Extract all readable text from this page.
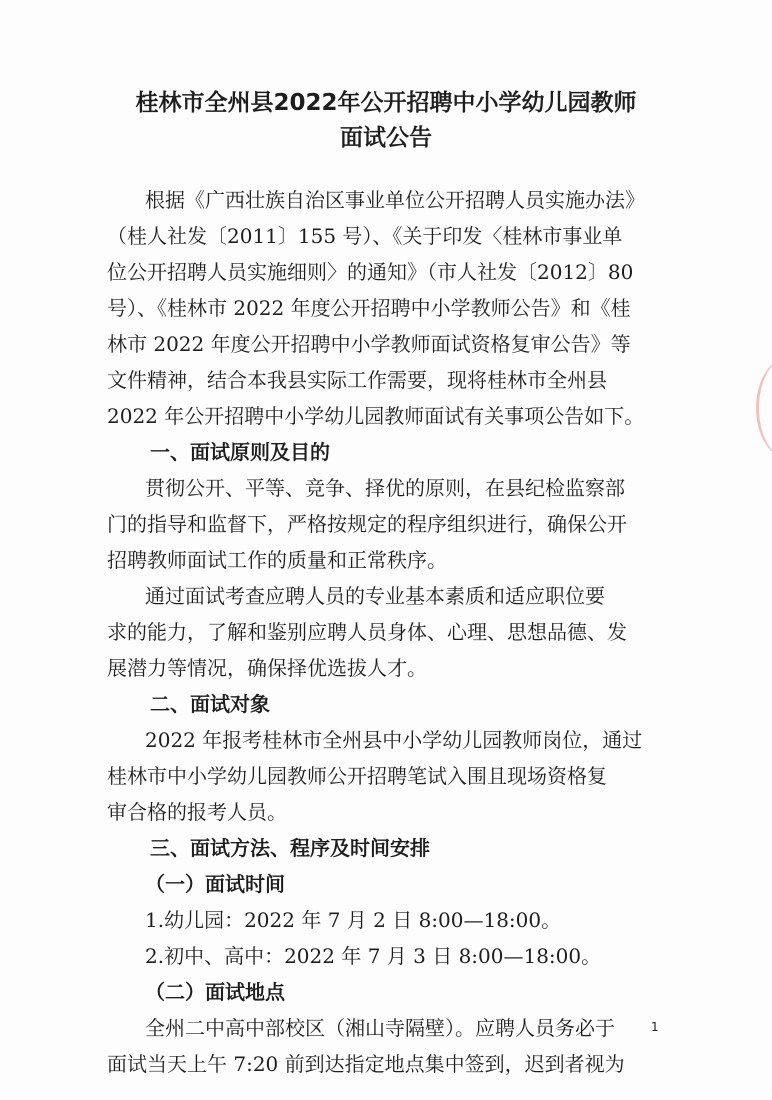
桂林市全州县2022年公开招聘中小学幼儿园教师
面试公告
根据《广西壮族自治区事业单位公开招聘人员实施办法》
（桂人社发〔2011〕155 号）、《关于印发〈桂林市事业单
位公开招聘人员实施细则〉的通知》（市人社发〔2012〕80
号）、《桂林市 2022 年度公开招聘中小学教师公告》和《桂
林市 2022 年度公开招聘中小学教师面试资格复审公告》等
文件精神，结合本我县实际工作需要，现将桂林市全州县
2022 年公开招聘中小学幼儿园教师面试有关事项公告如下。
一、面试原则及目的
贯彻公开、平等、竞争、择优的原则，在县纪检监察部
门的指导和监督下，严格按规定的程序组织进行，确保公开
招聘教师面试工作的质量和正常秩序。
通过面试考查应聘人员的专业基本素质和适应职位要
求的能力，了解和鉴别应聘人员身体、心理、思想品德、发
展潜力等情况，确保择优选拔人才。
二、面试对象
2022 年报考桂林市全州县中小学幼儿园教师岗位，通过
桂林市中小学幼儿园教师公开招聘笔试入围且现场资格复
审合格的报考人员。
三、面试方法、程序及时间安排
（一）面试时间
1.幼儿园：2022 年 7 月 2 日 8:00—18:00。
2.初中、高中：2022 年 7 月 3 日 8:00—18:00。
（二）面试地点
全州二中高中部校区（湘山寺隔壁）。应聘人员务必于
面试当天上午 7:20 前到达指定地点集中签到，迟到者视为
1
